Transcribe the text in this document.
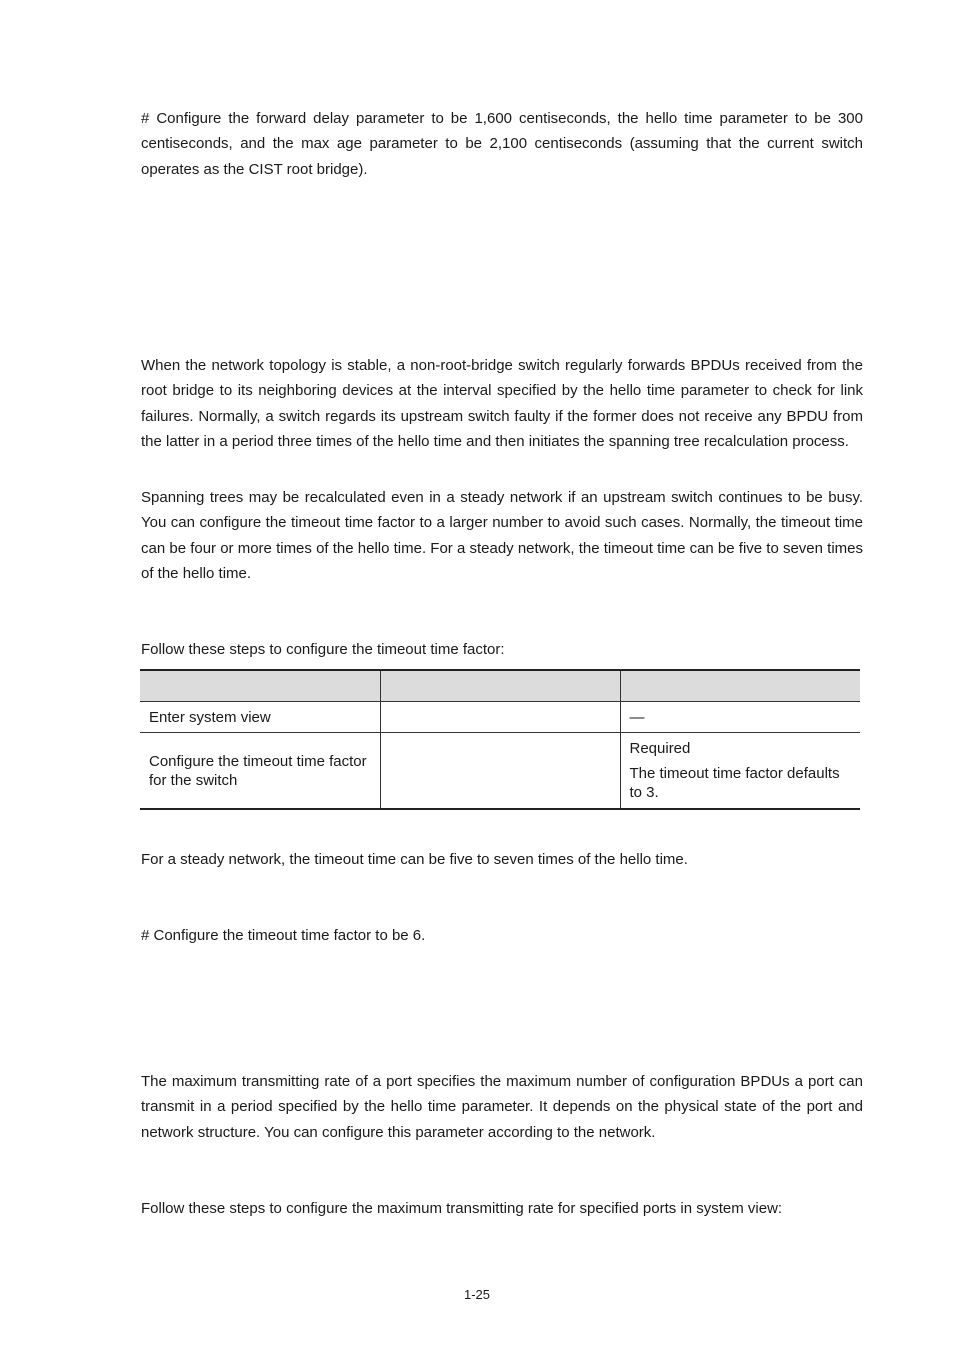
# Configure the forward delay parameter to be 1,600 centiseconds, the hello time parameter to be 300 centiseconds, and the max age parameter to be 2,100 centiseconds (assuming that the current switch operates as the CIST root bridge).

When the network topology is stable, a non-root-bridge switch regularly forwards BPDUs received from the root bridge to its neighboring devices at the interval specified by the hello time parameter to check for link failures. Normally, a switch regards its upstream switch faulty if the former does not receive any BPDU from the latter in a period three times of the hello time and then initiates the spanning tree recalculation process.

Spanning trees may be recalculated even in a steady network if an upstream switch continues to be busy. You can configure the timeout time factor to a larger number to avoid such cases. Normally, the timeout time can be four or more times of the hello time. For a steady network, the timeout time can be five to seven times of the hello time.

Follow these steps to configure the timeout time factor:

Enter system view		—
Configure the timeout time factor for the switch		Required
The timeout time factor defaults to 3.

For a steady network, the timeout time can be five to seven times of the hello time.

# Configure the timeout time factor to be 6.

The maximum transmitting rate of a port specifies the maximum number of configuration BPDUs a port can transmit in a period specified by the hello time parameter. It depends on the physical state of the port and network structure. You can configure this parameter according to the network.

Follow these steps to configure the maximum transmitting rate for specified ports in system view:

1-25
